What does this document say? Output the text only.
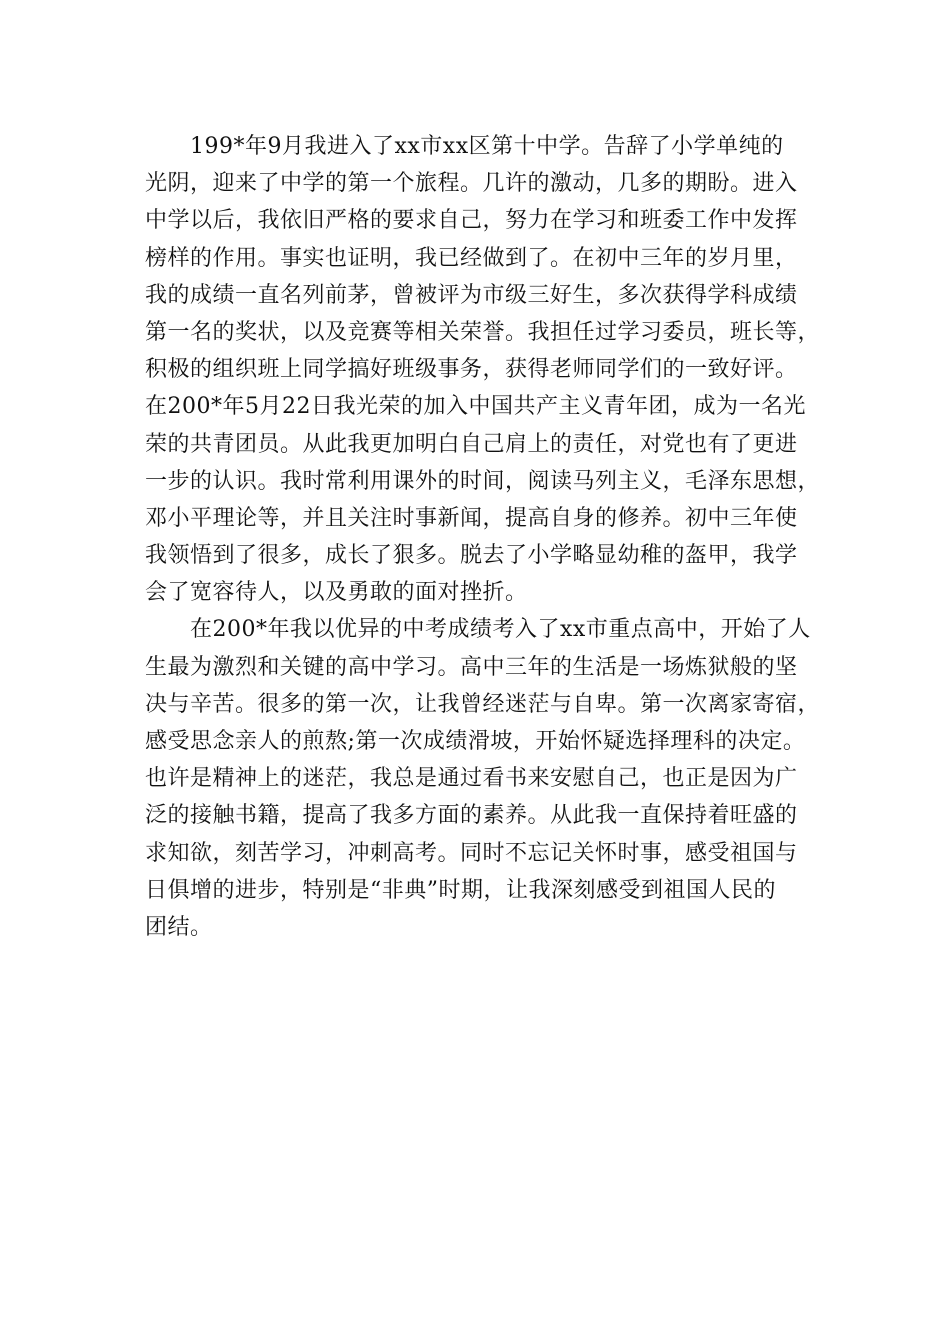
　　199*年9月我进入了xx市xx区第十中学。告辞了小学单纯的
光阴，迎来了中学的第一个旅程。几许的激动，几多的期盼。进入
中学以后，我依旧严格的要求自己，努力在学习和班委工作中发挥
榜样的作用。事实也证明，我已经做到了。在初中三年的岁月里，
我的成绩一直名列前茅，曾被评为市级三好生，多次获得学科成绩
第一名的奖状，以及竞赛等相关荣誉。我担任过学习委员，班长等，
积极的组织班上同学搞好班级事务，获得老师同学们的一致好评。
在200*年5月22日我光荣的加入中国共产主义青年团，成为一名光
荣的共青团员。从此我更加明白自己肩上的责任，对党也有了更进
一步的认识。我时常利用课外的时间，阅读马列主义，毛泽东思想，
邓小平理论等，并且关注时事新闻，提高自身的修养。初中三年使
我领悟到了很多，成长了狠多。脱去了小学略显幼稚的盔甲，我学
会了宽容待人，以及勇敢的面对挫折。
　　在200*年我以优异的中考成绩考入了xx市重点高中，开始了人
生最为激烈和关键的高中学习。高中三年的生活是一场炼狱般的坚
决与辛苦。很多的第一次，让我曾经迷茫与自卑。第一次离家寄宿，
感受思念亲人的煎熬;第一次成绩滑坡，开始怀疑选择理科的决定。
也许是精神上的迷茫，我总是通过看书来安慰自己，也正是因为广
泛的接触书籍，提高了我多方面的素养。从此我一直保持着旺盛的
求知欲，刻苦学习，冲刺高考。同时不忘记关怀时事，感受祖国与
日俱增的进步，特别是“非典”时期，让我深刻感受到祖国人民的
团结。
